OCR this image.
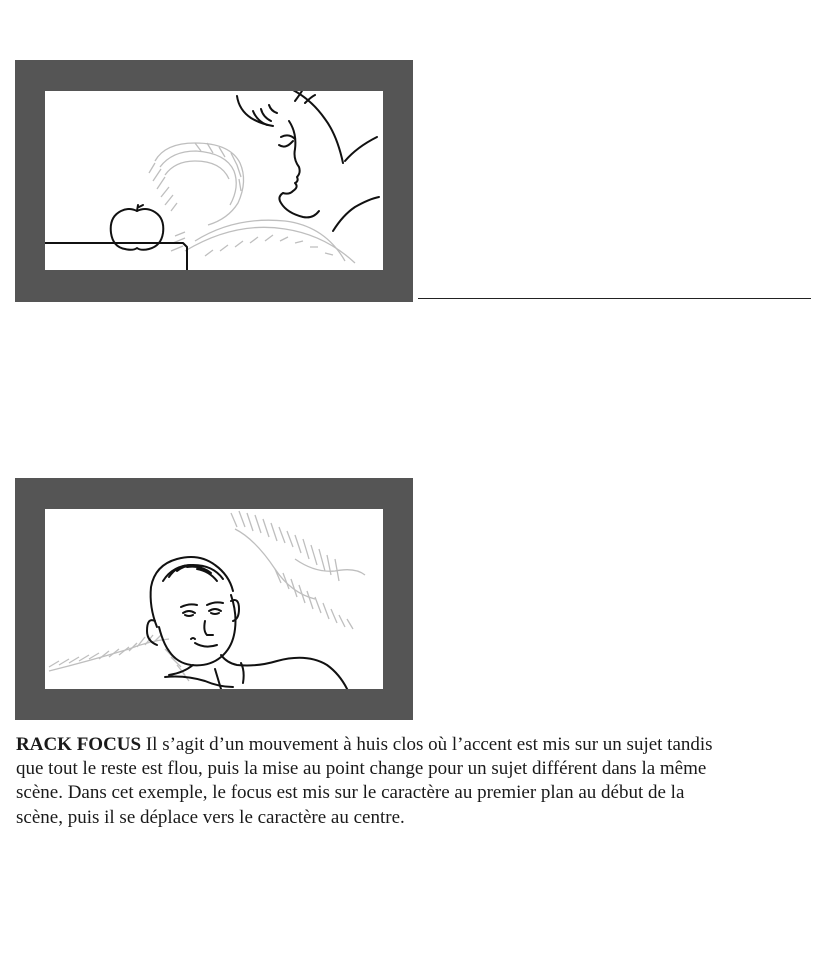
RACK FOCUS Il s’agit d’un mouvement à huis clos où l’accent est mis sur un sujet tandis que tout le reste est flou, puis la mise au point change pour un sujet différent dans la même scène. Dans cet exemple, le focus est mis sur le caractère au premier plan au début de la scène, puis il se déplace vers le caractère au centre.
